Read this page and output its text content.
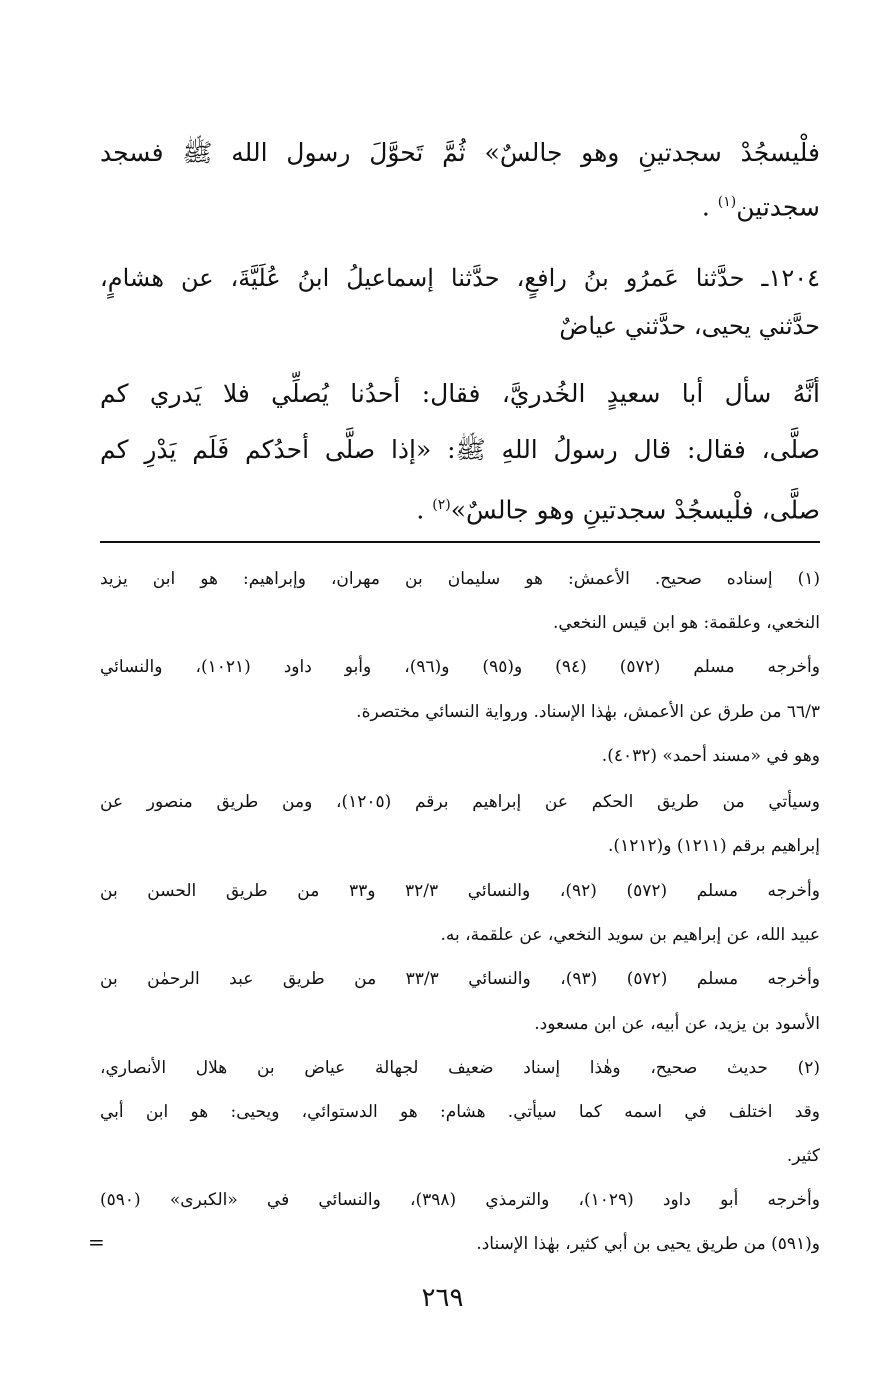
فلْيسجُدْ سجدتينِ وهو جالسٌ» ثُمَّ تَحوَّلَ رسول الله ﷺ فسجد
سجدتين$^{(١)}$ .
١٢٠٤ـ حدَّثنا عَمرُو بنُ رافعٍ، حدَّثنا إسماعيلُ ابنُ عُلَيَّةَ، عن هشامٍ،
حدَّثني يحيى، حدَّثني عياضٌ
أنَّهُ سأل أبا سعيدٍ الخُدريَّ، فقال: أحدُنا يُصلِّي فلا يَدري كم
صلَّى، فقال: قال رسولُ اللهِ ﷺ: «إذا صلَّى أحدُكم فَلَم يَدْرِ كم
صلَّى، فلْيسجُدْ سجدتينِ وهو جالسٌ»$^{(٢)}$ .
(١) إسناده صحيح. الأعمش: هو سليمان بن مهران، وإبراهيم: هو ابن يزيد
النخعي، وعلقمة: هو ابن قيس النخعي.
وأخرجه مسلم (٥٧٢) (٩٤) و(٩٥) و(٩٦)، وأبو داود (١٠٢١)، والنسائي
٦٦/٣ من طرق عن الأعمش، بهٰذا الإسناد. ورواية النسائي مختصرة.
وهو في «مسند أحمد» (٤٠٣٢).
وسيأتي من طريق الحكم عن إبراهيم برقم (١٢٠٥)، ومن طريق منصور عن
إبراهيم برقم (١٢١١) و(١٢١٢).
وأخرجه مسلم (٥٧٢) (٩٢)، والنسائي ٣٢/٣ و٣٣ من طريق الحسن بن
عبيد الله، عن إبراهيم بن سويد النخعي، عن علقمة، به.
وأخرجه مسلم (٥٧٢) (٩٣)، والنسائي ٣٣/٣ من طريق عبد الرحمٰن بن
الأسود بن يزيد، عن أبيه، عن ابن مسعود.
(٢) حديث صحيح، وهٰذا إسناد ضعيف لجهالة عياض بن هلال الأنصاري،
وقد اختلف في اسمه كما سيأتي. هشام: هو الدستوائي، ويحيى: هو ابن أبي
كثير.
وأخرجه أبو داود (١٠٢٩)، والترمذي (٣٩٨)، والنسائي في «الكبرى» (٥٩٠)
و(٥٩١) من طريق يحيى بن أبي كثير، بهٰذا الإسناد.
=
٢٦٩
